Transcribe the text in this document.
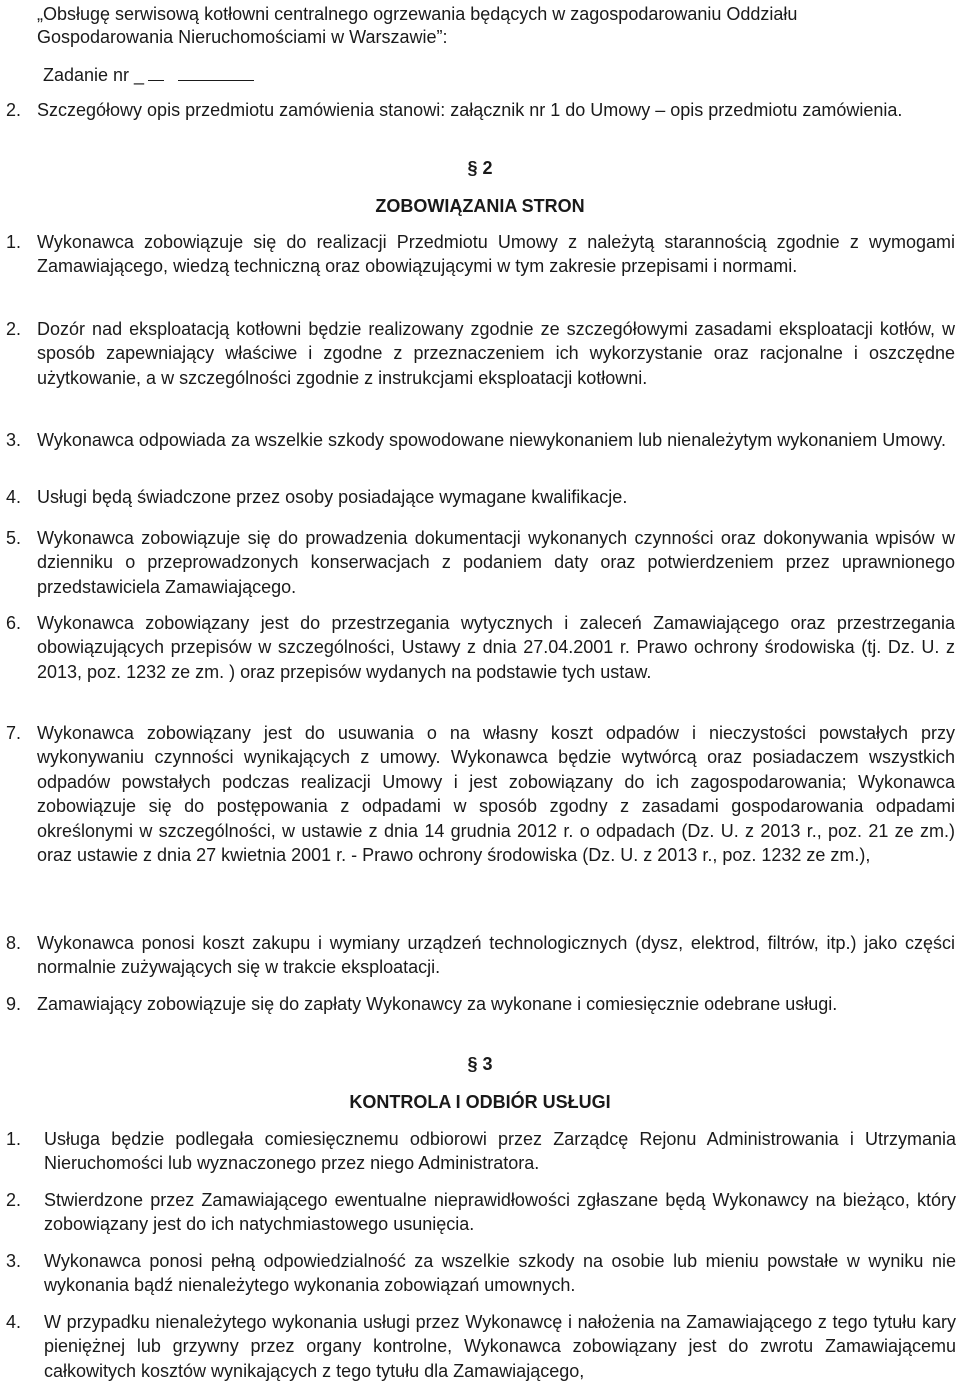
„Obsługę serwisową kotłowni centralnego ogrzewania będących w zagospodarowaniu Oddziału
Gospodarowania Nieruchomościami w Warszawie”:
Zadanie nr _
2. Szczegółowy opis przedmiotu zamówienia stanowi: załącznik nr 1 do Umowy – opis przedmiotu zamówienia.
§ 2
ZOBOWIĄZANIA STRON
1. Wykonawca zobowiązuje się do realizacji Przedmiotu Umowy z należytą starannością zgodnie z wymogami Zamawiającego, wiedzą techniczną oraz obowiązującymi w tym zakresie przepisami i normami.
2. Dozór nad eksploatacją kotłowni będzie realizowany zgodnie ze szczegółowymi zasadami eksploatacji kotłów, w sposób zapewniający właściwe i zgodne z przeznaczeniem ich wykorzystanie oraz racjonalne i oszczędne użytkowanie, a w szczególności zgodnie z instrukcjami eksploatacji kotłowni.
3. Wykonawca odpowiada za wszelkie szkody spowodowane niewykonaniem lub nienależytym wykonaniem Umowy.
4. Usługi będą świadczone przez osoby posiadające wymagane kwalifikacje.
5. Wykonawca zobowiązuje się do prowadzenia dokumentacji wykonanych czynności oraz dokonywania wpisów w dzienniku o przeprowadzonych konserwacjach z podaniem daty oraz potwierdzeniem przez uprawnionego przedstawiciela Zamawiającego.
6. Wykonawca zobowiązany jest do przestrzegania wytycznych i zaleceń Zamawiającego oraz przestrzegania obowiązujących przepisów w szczególności, Ustawy z dnia 27.04.2001 r. Prawo ochrony środowiska (tj. Dz. U. z 2013, poz. 1232 ze zm. ) oraz przepisów wydanych na podstawie tych ustaw.
7. Wykonawca zobowiązany jest do usuwania o na własny koszt odpadów i nieczystości powstałych przy wykonywaniu czynności wynikających z umowy. Wykonawca będzie wytwórcą oraz posiadaczem wszystkich odpadów powstałych podczas realizacji Umowy i jest zobowiązany do ich zagospodarowania; Wykonawca zobowiązuje się do postępowania z odpadami w sposób zgodny z zasadami gospodarowania odpadami określonymi w szczególności, w ustawie z dnia 14 grudnia 2012 r. o odpadach (Dz. U. z 2013 r., poz. 21 ze zm.) oraz ustawie z dnia 27 kwietnia 2001 r. - Prawo ochrony środowiska (Dz. U. z 2013 r., poz. 1232 ze zm.),
8. Wykonawca ponosi koszt zakupu i wymiany urządzeń technologicznych (dysz, elektrod, filtrów, itp.) jako części normalnie zużywających się w trakcie eksploatacji.
9. Zamawiający zobowiązuje się do zapłaty Wykonawcy za wykonane i comiesięcznie odebrane usługi.
§ 3
KONTROLA I ODBIÓR USŁUGI
1. Usługa będzie podlegała comiesięcznemu odbiorowi przez Zarządcę Rejonu Administrowania i Utrzymania Nieruchomości lub wyznaczonego przez niego Administratora.
2. Stwierdzone przez Zamawiającego ewentualne nieprawidłowości zgłaszane będą Wykonawcy na bieżąco, który zobowiązany jest do ich natychmiastowego usunięcia.
3. Wykonawca ponosi pełną odpowiedzialność za wszelkie szkody na osobie lub mieniu powstałe w wyniku nie wykonania bądź nienależytego wykonania zobowiązań umownych.
4. W przypadku nienależytego wykonania usługi przez Wykonawcę i nałożenia na Zamawiającego z tego tytułu kary pieniężnej lub grzywny przez organy kontrolne, Wykonawca zobowiązany jest do zwrotu Zamawiającemu całkowitych kosztów wynikających z tego tytułu dla Zamawiającego,
